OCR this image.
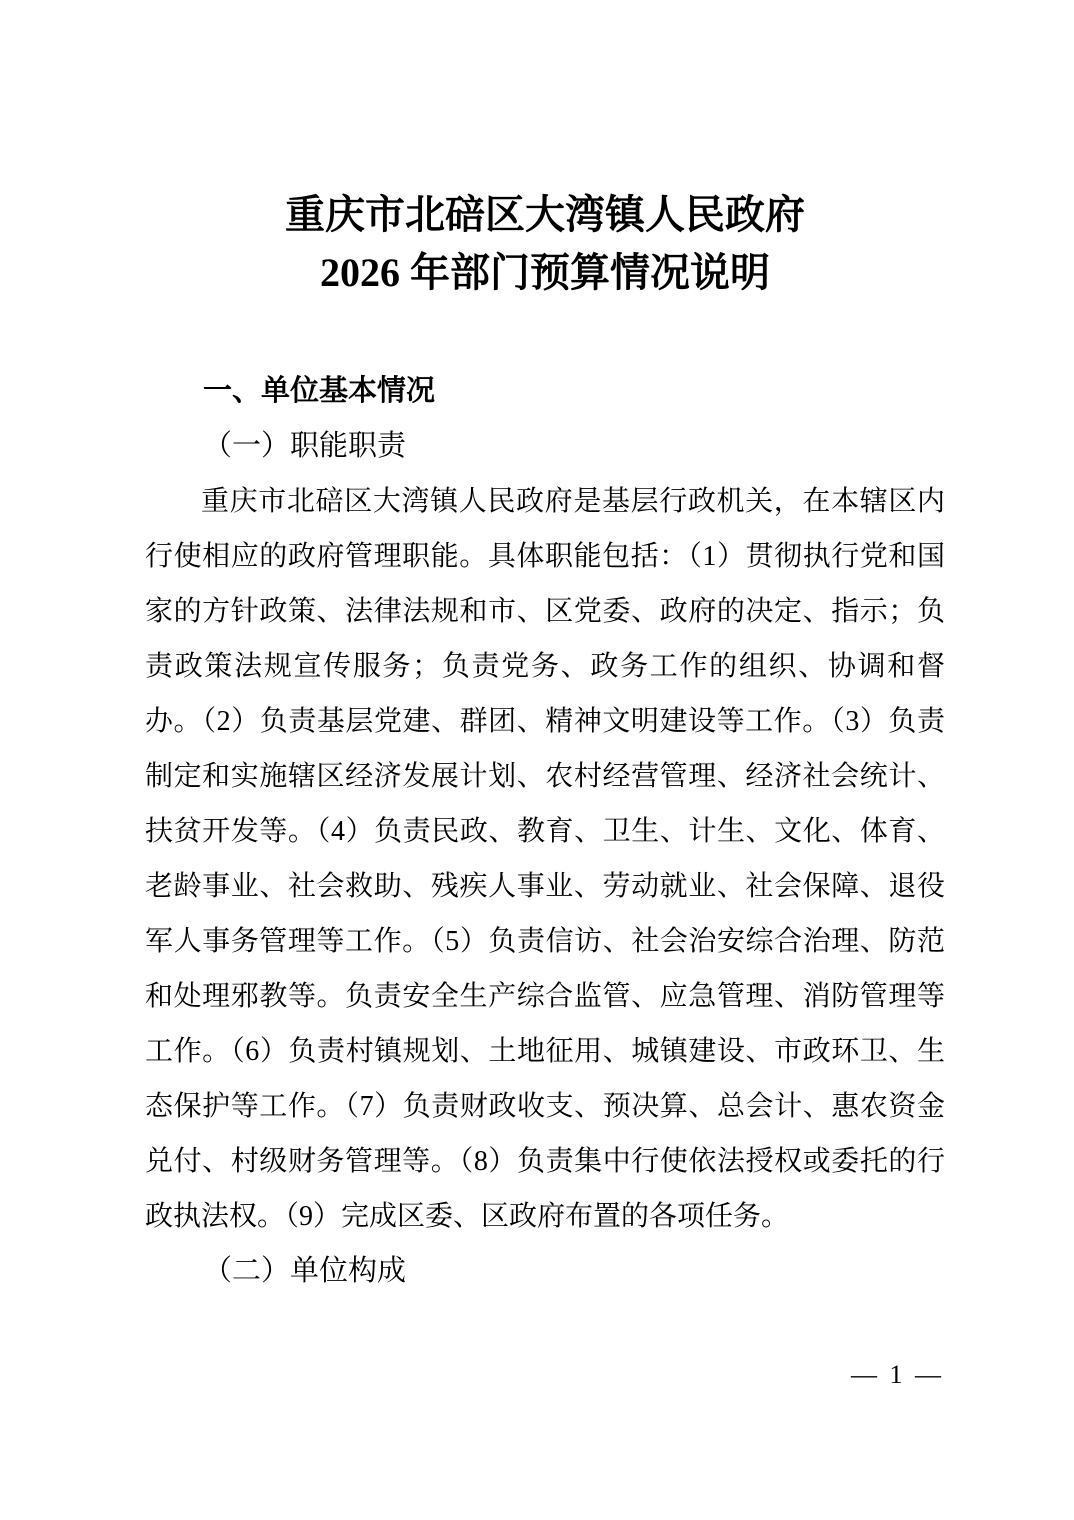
重庆市北碚区大湾镇人民政府
2026 年部门预算情况说明
一、单位基本情况
（一）职能职责

重庆市北碚区大湾镇人民政府是基层行政机关，在本辖区内行使相应的政府管理职能。具体职能包括：（1）贯彻执行党和国家的方针政策、法律法规和市、区党委、政府的决定、指示；负责政策法规宣传服务；负责党务、政务工作的组织、协调和督办。（2）负责基层党建、群团、精神文明建设等工作。（3）负责制定和实施辖区经济发展计划、农村经营管理、经济社会统计、扶贫开发等。（4）负责民政、教育、卫生、计生、文化、体育、老龄事业、社会救助、残疾人事业、劳动就业、社会保障、退役军人事务管理等工作。（5）负责信访、社会治安综合治理、防范和处理邪教等。负责安全生产综合监管、应急管理、消防管理等工作。（6）负责村镇规划、土地征用、城镇建设、市政环卫、生态保护等工作。（7）负责财政收支、预决算、总会计、惠农资金兑付、村级财务管理等。（8）负责集中行使依法授权或委托的行政执法权。（9）完成区委、区政府布置的各项任务。

（二）单位构成
— 1 —
